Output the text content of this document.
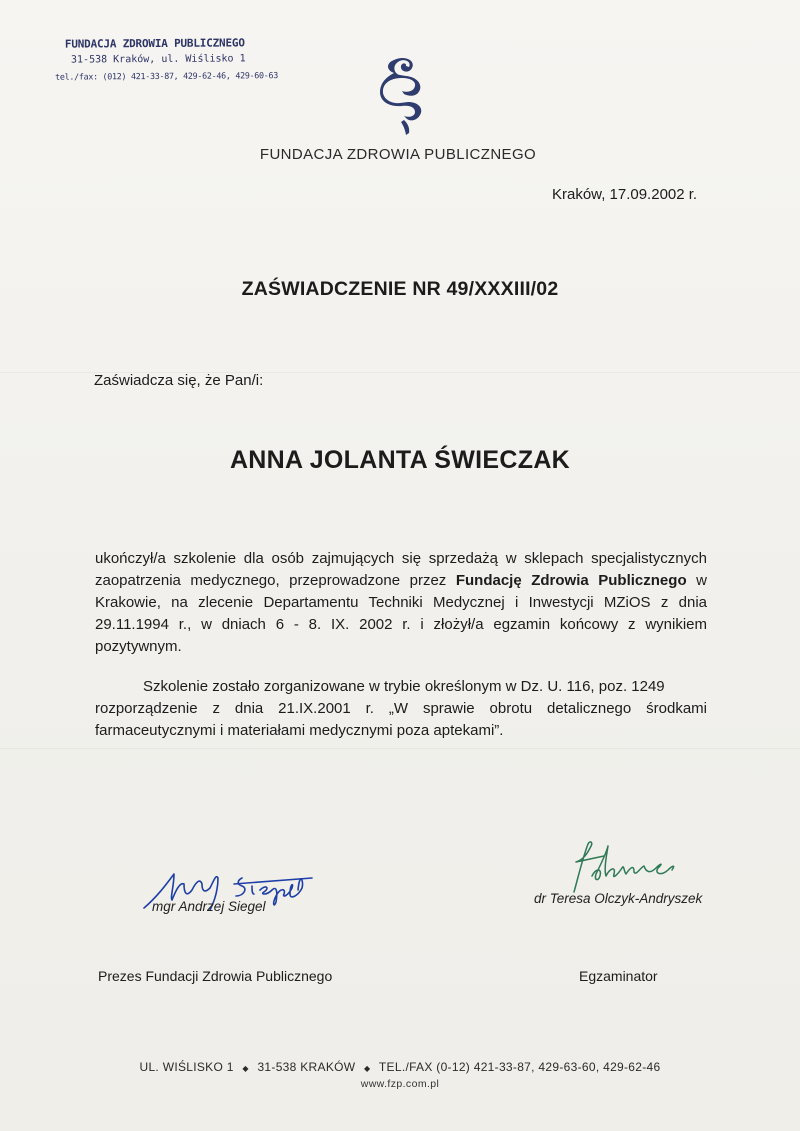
FUNDACJA ZDROWIA PUBLICZNEGO
31-538 Kraków, ul. Wiślisko 1
tel./fax: (012) 421-33-87, 429-62-46, 429-60-63
FUNDACJA ZDROWIA PUBLICZNEGO
Kraków, 17.09.2002 r.
ZAŚWIADCZENIE NR 49/XXXIII/02
Zaświadcza się, że Pan/i:
ANNA JOLANTA ŚWIECZAK
ukończył/a szkolenie dla osób zajmujących się sprzedażą w sklepach specjalistycznych
zaopatrzenia medycznego, przeprowadzone przez Fundację Zdrowia Publicznego w
Krakowie, na zlecenie Departamentu Techniki Medycznej i Inwestycji MZiOS z dnia
29.11.1994 r., w dniach 6 - 8. IX. 2002 r. i złożył/a egzamin końcowy z wynikiem
pozytywnym.
Szkolenie zostało zorganizowane w trybie określonym w Dz. U. 116, poz. 1249
rozporządzenie z dnia 21.IX.2001 r. „W sprawie obrotu detalicznego środkami
farmaceutycznymi i materiałami medycznymi poza aptekami”.
mgr Andrzej Siegel
dr Teresa Olczyk-Andryszek
Prezes Fundacji Zdrowia Publicznego	Egzaminator
UL. WIŚLISKO 1 ◆ 31-538 KRAKÓW ◆ TEL./FAX (0-12) 421-33-87, 429-63-60, 429-62-46
www.fzp.com.pl
